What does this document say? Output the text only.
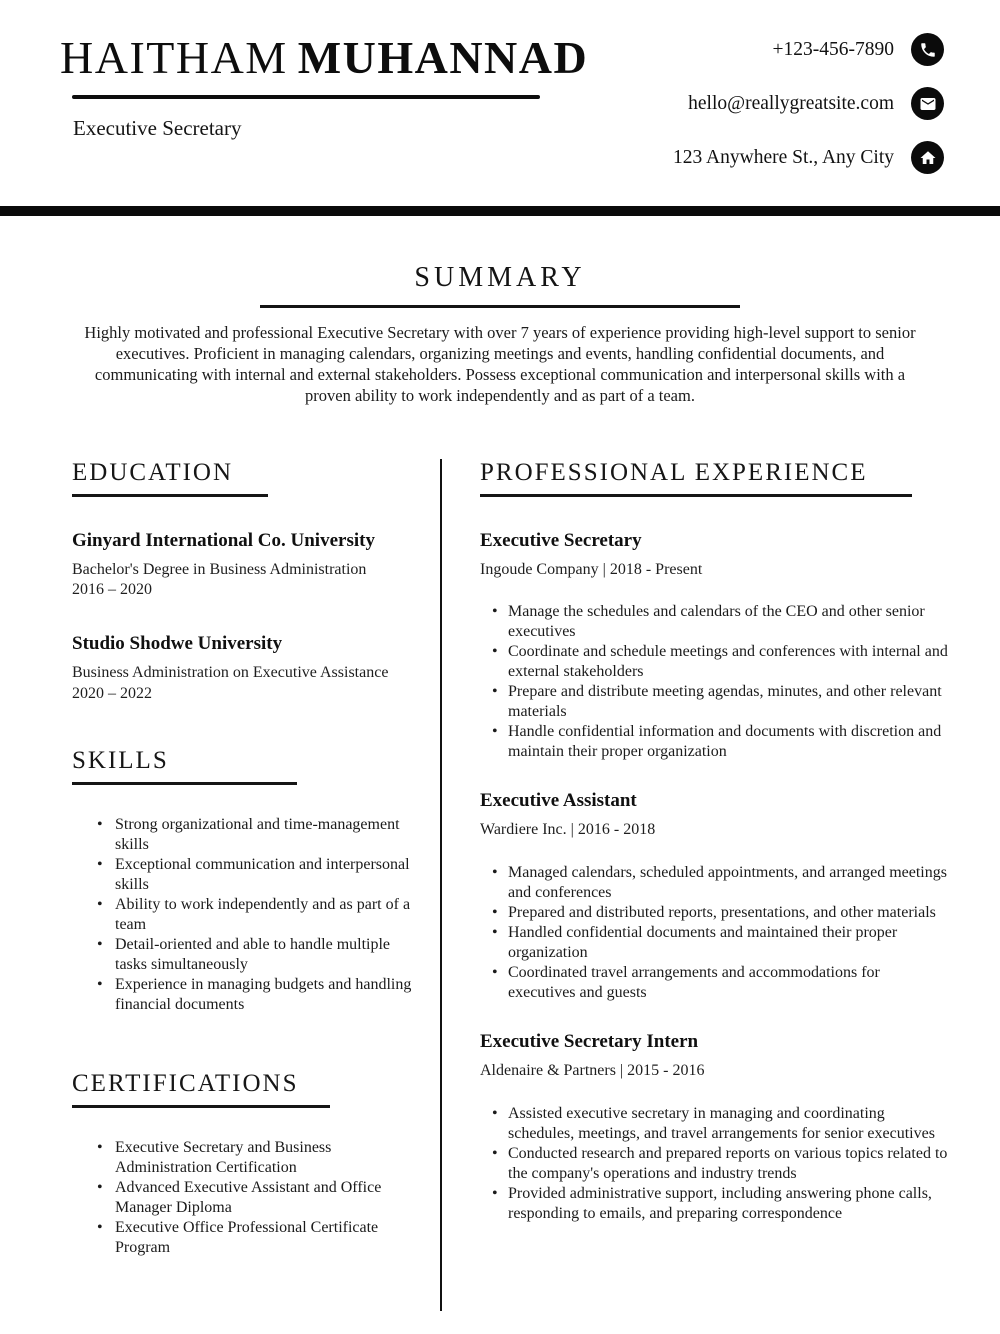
HAITHAM MUHANNAD
Executive Secretary
+123-456-7890
hello@reallygreatsite.com
123 Anywhere St., Any City
SUMMARY

Highly motivated and professional Executive Secretary with over 7 years of experience providing high-level support to senior executives. Proficient in managing calendars, organizing meetings and events, handling confidential documents, and communicating with internal and external stakeholders. Possess exceptional communication and interpersonal skills with a proven ability to work independently and as part of a team.

EDUCATION
Ginyard International Co. University
Bachelor's Degree in Business Administration
2016 – 2020
Studio Shodwe University
Business Administration on Executive Assistance
2020 – 2022
SKILLS
• Strong organizational and time-management skills
• Exceptional communication and interpersonal skills
• Ability to work independently and as part of a team
• Detail-oriented and able to handle multiple tasks simultaneously
• Experience in managing budgets and handling financial documents
CERTIFICATIONS
• Executive Secretary and Business Administration Certification
• Advanced Executive Assistant and Office Manager Diploma
• Executive Office Professional Certificate Program
PROFESSIONAL EXPERIENCE
Executive Secretary
Ingoude Company | 2018 - Present
• Manage the schedules and calendars of the CEO and other senior executives
• Coordinate and schedule meetings and conferences with internal and external stakeholders
• Prepare and distribute meeting agendas, minutes, and other relevant materials
• Handle confidential information and documents with discretion and maintain their proper organization
Executive Assistant
Wardiere Inc. | 2016 - 2018
• Managed calendars, scheduled appointments, and arranged meetings and conferences
• Prepared and distributed reports, presentations, and other materials
• Handled confidential documents and maintained their proper organization
• Coordinated travel arrangements and accommodations for executives and guests
Executive Secretary Intern
Aldenaire & Partners | 2015 - 2016
• Assisted executive secretary in managing and coordinating schedules, meetings, and travel arrangements for senior executives
• Conducted research and prepared reports on various topics related to the company's operations and industry trends
• Provided administrative support, including answering phone calls, responding to emails, and preparing correspondence
